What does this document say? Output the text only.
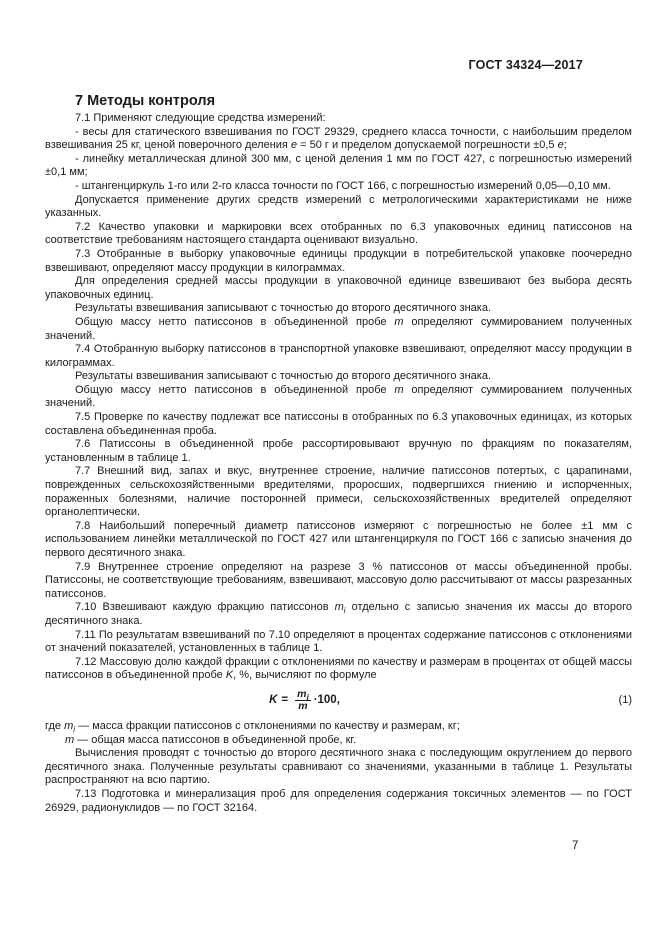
ГОСТ 34324—2017
7 Методы контроля

7.1 Применяют следующие средства измерений:

- весы для статического взвешивания по ГОСТ 29329, среднего класса точности, с наибольшим пределом взвешивания 25 кг, ценой поверочного деления е = 50 г и пределом допускаемой погрешности ±0,5 е;

- линейку металлическая длиной 300 мм, с ценой деления 1 мм по ГОСТ 427, с погрешностью измерений ±0,1 мм;

- штангенциркуль 1-го или 2-го класса точности по ГОСТ 166, с погрешностью измерений 0,05—0,10 мм.

Допускается применение других средств измерений с метрологическими характеристиками не ниже указанных.

7.2 Качество упаковки и маркировки всех отобранных по 6.3 упаковочных единиц патиссонов на соответствие требованиям настоящего стандарта оценивают визуально.

7.3 Отобранные в выборку упаковочные единицы продукции в потребительской упаковке поочередно взвешивают, определяют массу продукции в килограммах.

Для определения средней массы продукции в упаковочной единице взвешивают без выбора десять упаковочных единиц.

Результаты взвешивания записывают с точностью до второго десятичного знака.

Общую массу нетто патиссонов в объединенной пробе m определяют суммированием полученных значений.

7.4 Отобранную выборку патиссонов в транспортной упаковке взвешивают, определяют массу продукции в килограммах.

Результаты взвешивания записывают с точностью до второго десятичного знака.

Общую массу нетто патиссонов в объединенной пробе m определяют суммированием полученных значений.

7.5 Проверке по качеству подлежат все патиссоны в отобранных по 6.3 упаковочных единицах, из которых составлена объединенная проба.

7.6 Патиссоны в объединенной пробе рассортировывают вручную по фракциям по показателям, установленным в таблице 1.

7.7 Внешний вид, запах и вкус, внутреннее строение, наличие патиссонов потертых, с царапинами, поврежденных сельскохозяйственными вредителями, проросших, подвергшихся гниению и испорченных, пораженных болезнями, наличие посторонней примеси, сельскохозяйственных вредителей определяют органолептически.

7.8 Наибольший поперечный диаметр патиссонов измеряют с погрешностью не более ±1 мм с использованием линейки металлической по ГОСТ 427 или штангенциркуля по ГОСТ 166 с записью значения до первого десятичного знака.

7.9 Внутреннее строение определяют на разрезе 3 % патиссонов от массы объединенной пробы. Патиссоны, не соответствующие требованиям, взвешивают, массовую долю рассчитывают от массы разрезанных патиссонов.

7.10 Взвешивают каждую фракцию патиссонов $m_i$ отдельно с записью значения их массы до второго десятичного знака.

7.11 По результатам взвешиваний по 7.10 определяют в процентах содержание патиссонов с отклонениями от значений показателей, установленных в таблице 1.

7.12 Массовую долю каждой фракции с отклонениями по качеству и размерам в процентах от общей массы патиссонов в объединенной пробе K, %, вычисляют по формуле

$K = \frac{m_i}{m} \cdot 100$,	(1)

где $m_i$ — масса фракции патиссонов с отклонениями по качеству и размерам, кг;

m — общая масса патиссонов в объединенной пробе, кг.

Вычисления проводят с точностью до второго десятичного знака с последующим округлением до первого десятичного знака. Полученные результаты сравнивают со значениями, указанными в таблице 1. Результаты распространяют на всю партию.

7.13 Подготовка и минерализация проб для определения содержания токсичных элементов — по ГОСТ 26929, радионуклидов — по ГОСТ 32164.

7
